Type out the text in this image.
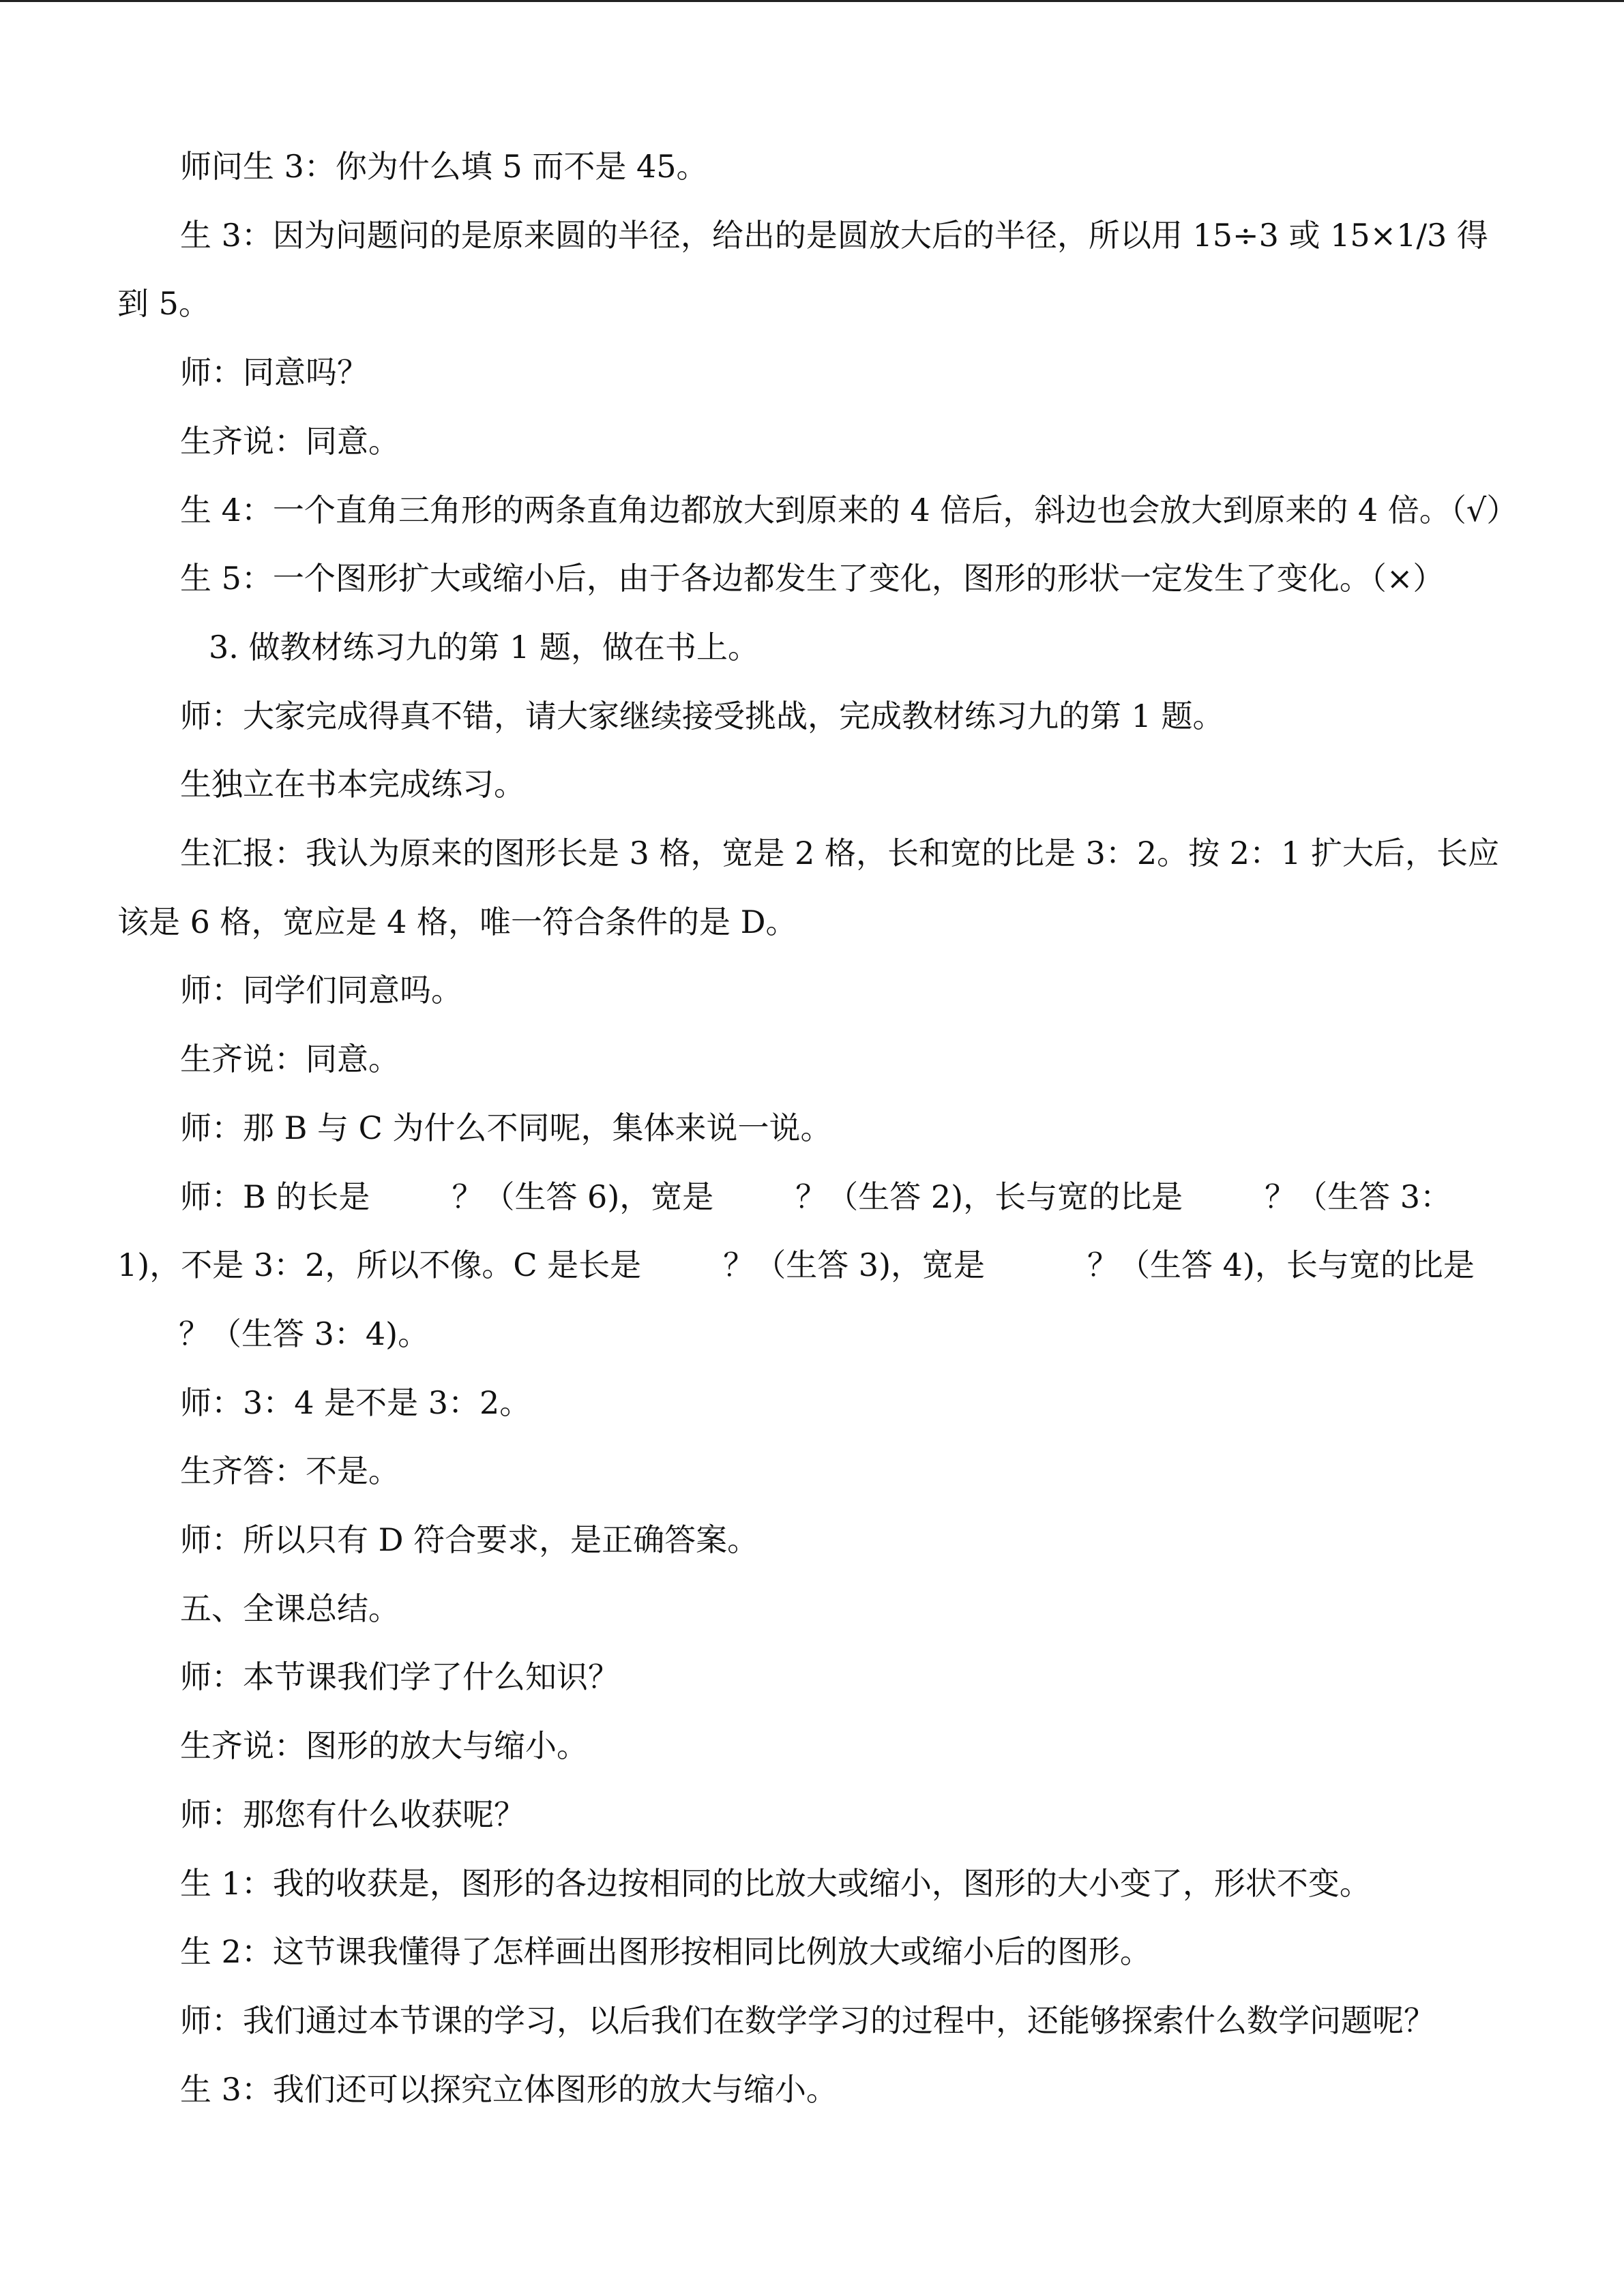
师问生 3：你为什么填 5 而不是 45。

生 3：因为问题问的是原来圆的半径，给出的是圆放大后的半径，所以用 15÷3 或 15×1/3 得到 5。

师：同意吗？

生齐说：同意。

生 4：一个直角三角形的两条直角边都放大到原来的 4 倍后，斜边也会放大到原来的 4 倍。（√）

生 5：一个图形扩大或缩小后，由于各边都发生了变化，图形的形状一定发生了变化。（×）

3. 做教材练习九的第 1 题，做在书上。

师：大家完成得真不错，请大家继续接受挑战，完成教材练习九的第 1 题。

生独立在书本完成练习。

生汇报：我认为原来的图形长是 3 格，宽是 2 格，长和宽的比是 3：2。按 2：1 扩大后，长应该是 6 格，宽应是 4 格，唯一符合条件的是 D。

师：同学们同意吗。

生齐说：同意。

师：那 B 与 C 为什么不同呢，集体来说一说。

师：B 的长是	？（生答 6)，宽是	？（生答 2)，长与宽的比是	？（生答 3：1)，不是 3：2，所以不像。C 是长是	？（生答 3)，宽是	？（生答 4)，长与宽的比是？（生答 3：4)。

师：3：4 是不是 3：2。

生齐答：不是。

师：所以只有 D 符合要求，是正确答案。

五、全课总结。

师：本节课我们学了什么知识？

生齐说：图形的放大与缩小。

师：那您有什么收获呢？

生 1：我的收获是，图形的各边按相同的比放大或缩小，图形的大小变了，形状不变。

生 2：这节课我懂得了怎样画出图形按相同比例放大或缩小后的图形。

师：我们通过本节课的学习，以后我们在数学学习的过程中，还能够探索什么数学问题呢？

生 3：我们还可以探究立体图形的放大与缩小。
